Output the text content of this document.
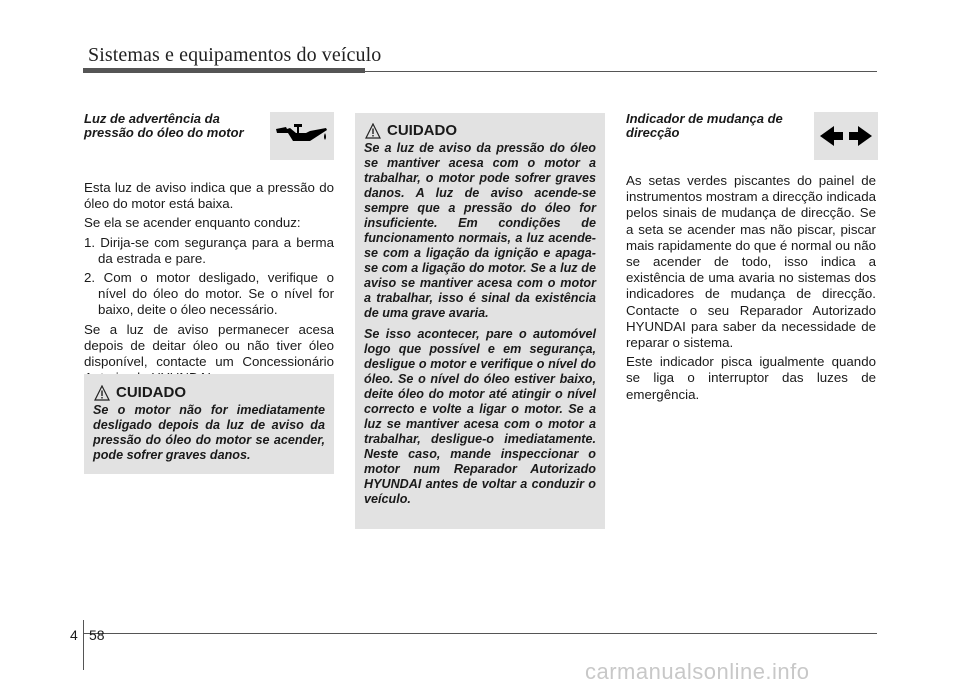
Sistemas e equipamentos do veículo

Luz de advertência da pressão do óleo do motor

Esta luz de aviso indica que a pressão do óleo do motor está baixa.

Se ela se acender enquanto conduz:

1. Dirija-se com segurança para a berma da estrada e pare.

2. Com o motor desligado, verifique o nível do óleo do motor. Se o nível for baixo, deite o óleo necessário.

Se a luz de aviso permanecer acesa depois de deitar óleo ou não tiver óleo disponível, contacte um Concessionário

CUIDADO

Se o motor não for imediatamente desligado depois da luz de aviso da pressão do óleo do motor se acender, pode sofrer graves danos.

CUIDADO

Se a luz de aviso da pressão do óleo se mantiver acesa com o motor a trabalhar, o motor pode sofrer graves danos. A luz de aviso acende-se sempre que a pressão do óleo for insuficiente. Em condições de funcionamento normais, a luz acende-se com a ligação da ignição e apaga-se com a ligação do motor. Se a luz de aviso se mantiver acesa com o motor a trabalhar, isso é sinal da existência de uma grave avaria.

Se isso acontecer, pare o automóvel logo que possível e em segurança, desligue o motor e verifique o nível do óleo. Se o nível do óleo estiver baixo, deite óleo do motor até atingir o nível correcto e volte a ligar o motor. Se a luz se mantiver acesa com o motor a trabalhar, desligue-o imediatamente. Neste caso, mande inspeccionar o motor num Reparador Autorizado HYUNDAI antes de voltar a conduzir o veículo.

Indicador de mudança de direcção

As setas verdes piscantes do painel de instrumentos mostram a direcção indicada pelos sinais de mudança de direcção. Se a seta se acender mas não piscar, piscar mais rapidamente do que é normal ou não se acender de todo, isso indica a existência de uma avaria no sistemas dos indicadores de mudança de direcção. Contacte o seu Reparador Autorizado HYUNDAI para saber da necessidade de reparar o sistema.

Este indicador pisca igualmente quando se liga o interruptor das luzes de emergência.

4 58
carmanualsonline.info
